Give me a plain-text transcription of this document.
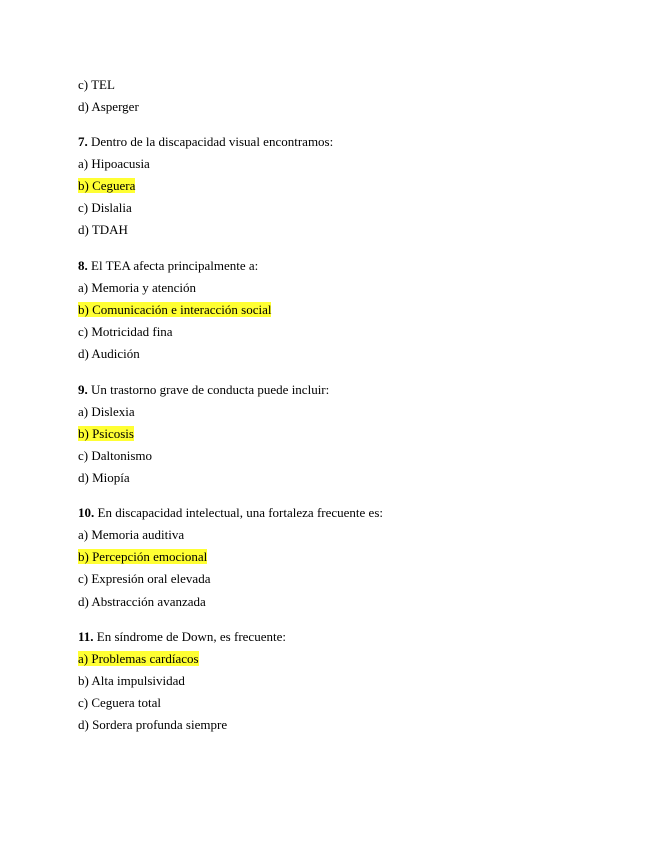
c) TEL
d) Asperger
7. Dentro de la discapacidad visual encontramos:
a) Hipoacusia
b) Ceguera
c) Dislalia
d) TDAH
8. El TEA afecta principalmente a:
a) Memoria y atención
b) Comunicación e interacción social
c) Motricidad fina
d) Audición
9. Un trastorno grave de conducta puede incluir:
a) Dislexia
b) Psicosis
c) Daltonismo
d) Miopía
10. En discapacidad intelectual, una fortaleza frecuente es:
a) Memoria auditiva
b) Percepción emocional
c) Expresión oral elevada
d) Abstracción avanzada
11. En síndrome de Down, es frecuente:
a) Problemas cardíacos
b) Alta impulsividad
c) Ceguera total
d) Sordera profunda siempre
